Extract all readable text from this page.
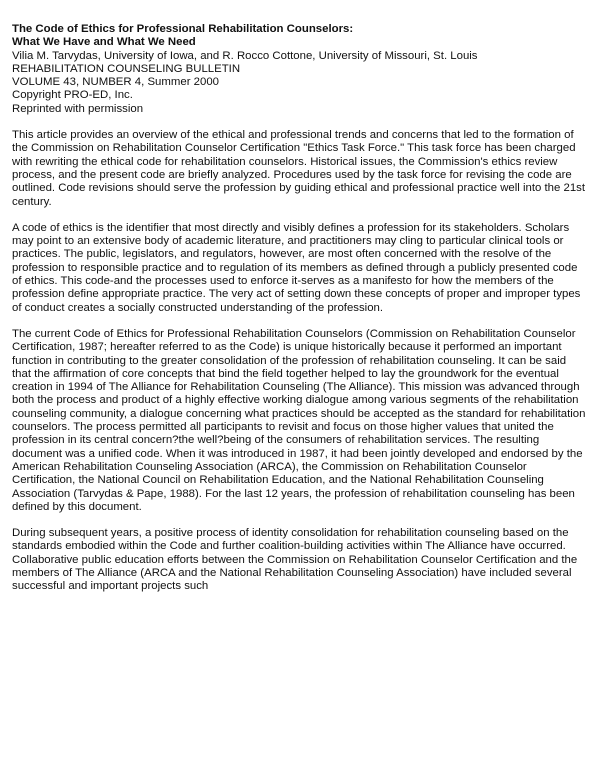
The Code of Ethics for Professional Rehabilitation Counselors:
What We Have and What We Need
Vilia M. Tarvydas, University of Iowa, and R. Rocco Cottone, University of Missouri, St. Louis
REHABILITATION COUNSELING BULLETIN
VOLUME 43, NUMBER 4, Summer 2000
Copyright PRO-ED, Inc.
Reprinted with permission

This article provides an overview of the ethical and professional trends and concerns that led to the formation of the Commission on Rehabilitation Counselor Certification "Ethics Task Force." This task force has been charged with rewriting the ethical code for rehabilitation counselors. Historical issues, the Commission's ethics review process, and the present code are briefly analyzed. Procedures used by the task force for revising the code are outlined. Code revisions should serve the profession by guiding ethical and professional practice well into the 21st century.

A code of ethics is the identifier that most directly and visibly defines a profession for its stakeholders. Scholars may point to an extensive body of academic literature, and practitioners may cling to particular clinical tools or practices. The public, legislators, and regulators, however, are most often concerned with the resolve of the profession to responsible practice and to regulation of its members as defined through a publicly presented code of ethics. This code-and the processes used to enforce it-serves as a manifesto for how the members of the profession define appropriate practice. The very act of setting down these concepts of proper and improper types of conduct creates a socially constructed understanding of the profession.

The current Code of Ethics for Professional Rehabilitation Counselors (Commission on Rehabilitation Counselor Certification, 1987; hereafter referred to as the Code) is unique historically because it performed an important function in contributing to the greater consolidation of the profession of rehabilitation counseling. It can be said that the affirmation of core concepts that bind the field together helped to lay the groundwork for the eventual creation in 1994 of The Alliance for Rehabilitation Counseling (The Alliance). This mission was advanced through both the process and product of a highly effective working dialogue among various segments of the rehabilitation counseling community, a dialogue concerning what practices should be accepted as the standard for rehabilitation counselors. The process permitted all participants to revisit and focus on those higher values that united the profession in its central concern?the well?being of the consumers of rehabilitation services. The resulting document was a unified code. When it was introduced in 1987, it had been jointly developed and endorsed by the American Rehabilitation Counseling Association (ARCA), the Commission on Rehabilitation Counselor Certification, the National Council on Rehabilitation Education, and the National Rehabilitation Counseling Association (Tarvydas & Pape, 1988). For the last 12 years, the profession of rehabilitation counseling has been defined by this document.

During subsequent years, a positive process of identity consolidation for rehabilitation counseling based on the standards embodied within the Code and further coalition-building activities within The Alliance have occurred. Collaborative public education efforts between the Commission on Rehabilitation Counselor Certification and the members of The Alliance (ARCA and the National Rehabilitation Counseling Association) have included several successful and important projects such
